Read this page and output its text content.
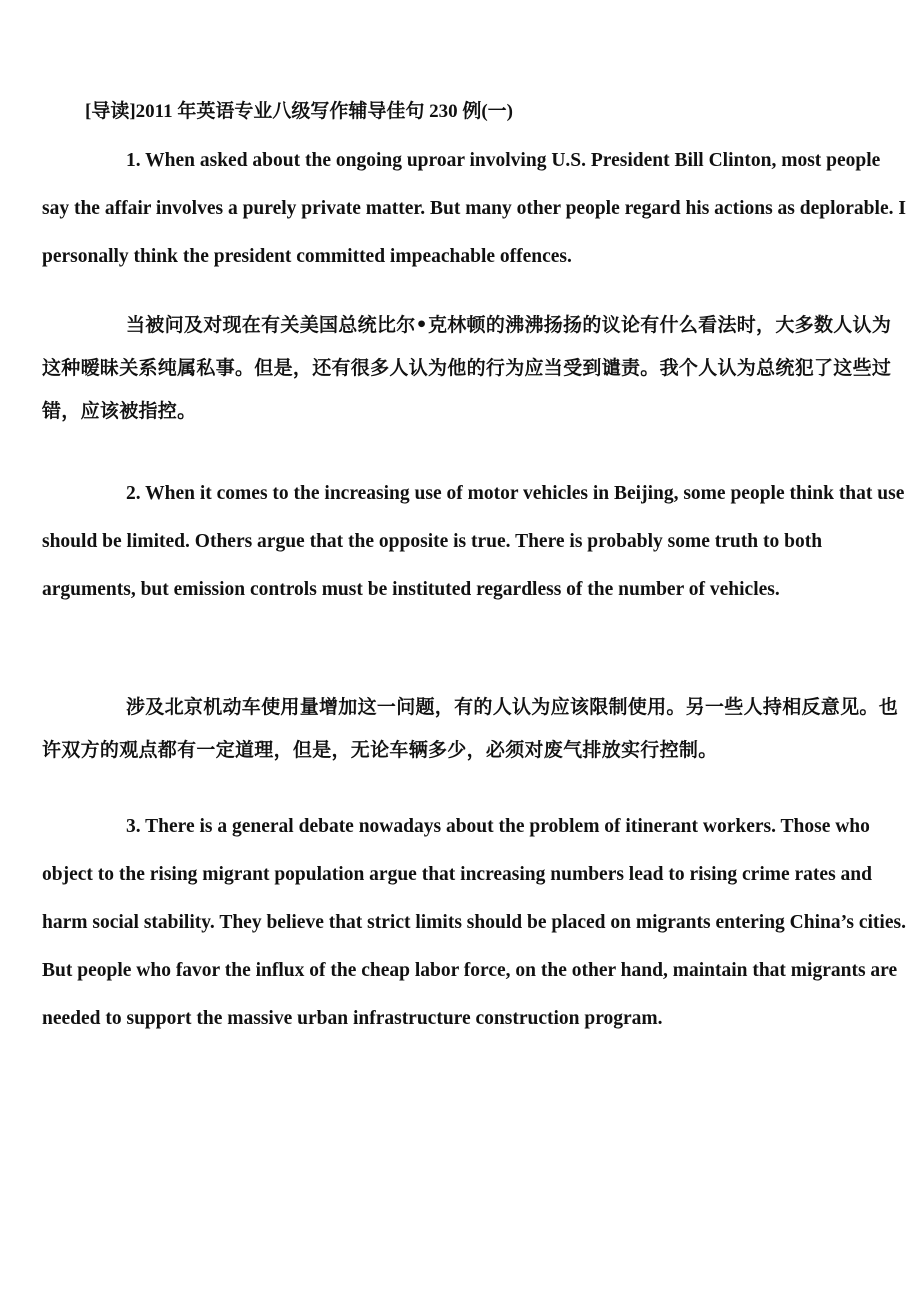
[导读]2011 年英语专业八级写作辅导佳句 230 例(一)

1. When asked about the ongoing uproar involving U.S. President Bill Clinton, most people say the affair involves a purely private matter. But many other people regard his actions as deplorable. I personally think the president committed impeachable offences.

当被问及对现在有关美国总统比尔•克林顿的沸沸扬扬的议论有什么看法时，大多数人认为这种暧昧关系纯属私事。但是，还有很多人认为他的行为应当受到谴责。我个人认为总统犯了这些过错，应该被指控。

2. When it comes to the increasing use of motor vehicles in Beijing, some people think that use should be limited. Others argue that the opposite is true. There is probably some truth to both arguments, but emission controls must be instituted regardless of the number of vehicles.

涉及北京机动车使用量增加这一问题，有的人认为应该限制使用。另一些人持相反意见。也许双方的观点都有一定道理，但是，无论车辆多少，必须对废气排放实行控制。

3. There is a general debate nowadays about the problem of itinerant workers. Those who object to the rising migrant population argue that increasing numbers lead to rising crime rates and harm social stability. They believe that strict limits should be placed on migrants entering China’s cities. But people who favor the influx of the cheap labor force, on the other hand, maintain that migrants are needed to support the massive urban infrastructure construction program.
